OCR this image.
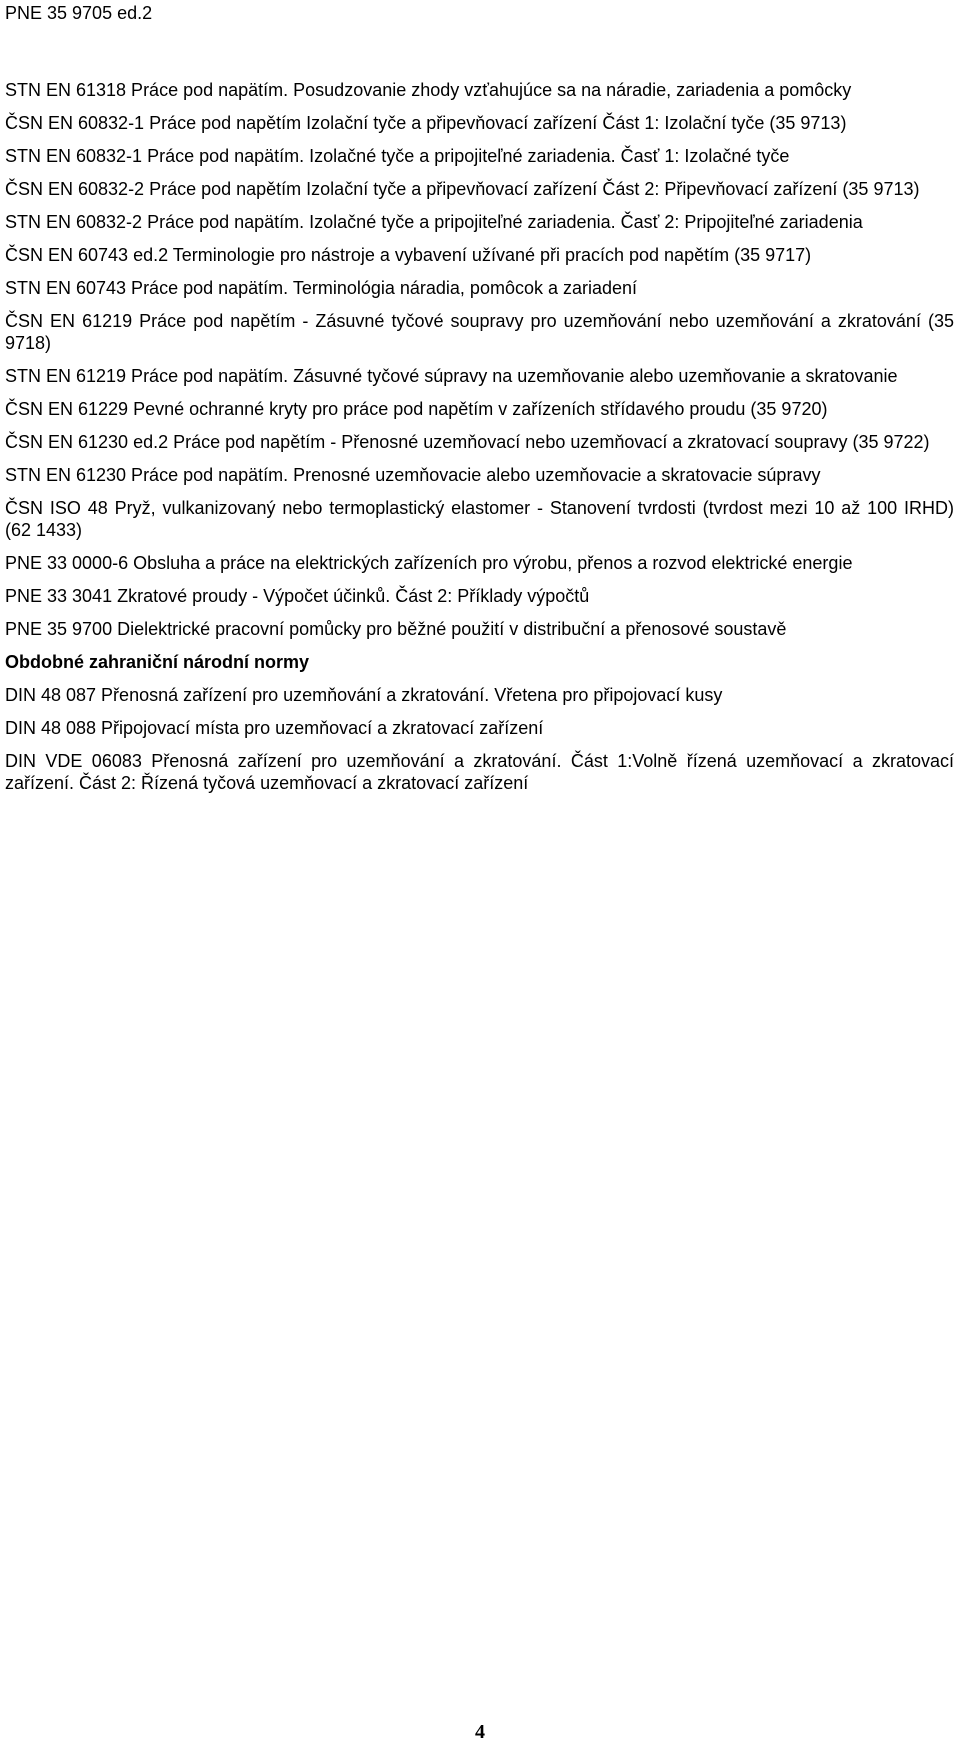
PNE 35 9705 ed.2

STN EN 61318 Práce pod napätím. Posudzovanie zhody vzťahujúce sa na náradie, zariadenia a pomôcky

ČSN EN 60832-1 Práce pod napětím Izolační tyče a připevňovací zařízení Část 1: Izolační tyče (35 9713)

STN EN 60832-1 Práce pod napätím. Izolačné tyče a pripojiteľné zariadenia. Časť 1: Izolačné tyče

ČSN EN 60832-2 Práce pod napětím Izolační tyče a připevňovací zařízení Část 2: Připevňovací zařízení (35 9713)

STN EN 60832-2 Práce pod napätím. Izolačné tyče a pripojiteľné zariadenia. Časť 2: Pripojiteľné zariadenia

ČSN EN 60743 ed.2 Terminologie pro nástroje a vybavení užívané při pracích pod napětím (35 9717)

STN EN 60743 Práce pod napätím. Terminológia náradia, pomôcok a zariadení

ČSN EN 61219 Práce pod napětím - Zásuvné tyčové soupravy pro uzemňování nebo uzemňování a zkratování (35 9718)

STN EN 61219 Práce pod napätím. Zásuvné tyčové súpravy na uzemňovanie alebo uzemňovanie a skratovanie

ČSN EN 61229 Pevné ochranné kryty pro práce pod napětím v zařízeních střídavého proudu (35 9720)

ČSN EN 61230 ed.2 Práce pod napětím - Přenosné uzemňovací nebo uzemňovací a zkratovací soupravy (35 9722)

STN EN 61230 Práce pod napätím. Prenosné uzemňovacie alebo uzemňovacie a skratovacie súpravy

ČSN ISO 48 Pryž, vulkanizovaný nebo termoplastický elastomer - Stanovení tvrdosti (tvrdost mezi 10 až 100 IRHD) (62 1433)

PNE 33 0000-6 Obsluha a práce na elektrických zařízeních pro výrobu, přenos a rozvod elektrické energie

PNE 33 3041 Zkratové proudy - Výpočet účinků. Část 2: Příklady výpočtů

PNE 35 9700 Dielektrické pracovní pomůcky pro běžné použití v distribuční a přenosové soustavě

Obdobné zahraniční národní normy

DIN 48 087 Přenosná zařízení pro uzemňování a zkratování. Vřetena pro připojovací kusy

DIN 48 088 Připojovací místa pro uzemňovací a zkratovací zařízení

DIN VDE 06083 Přenosná zařízení pro uzemňování a zkratování. Část 1:Volně řízená uzemňovací a zkratovací zařízení. Část 2: Řízená tyčová uzemňovací a zkratovací zařízení

4
